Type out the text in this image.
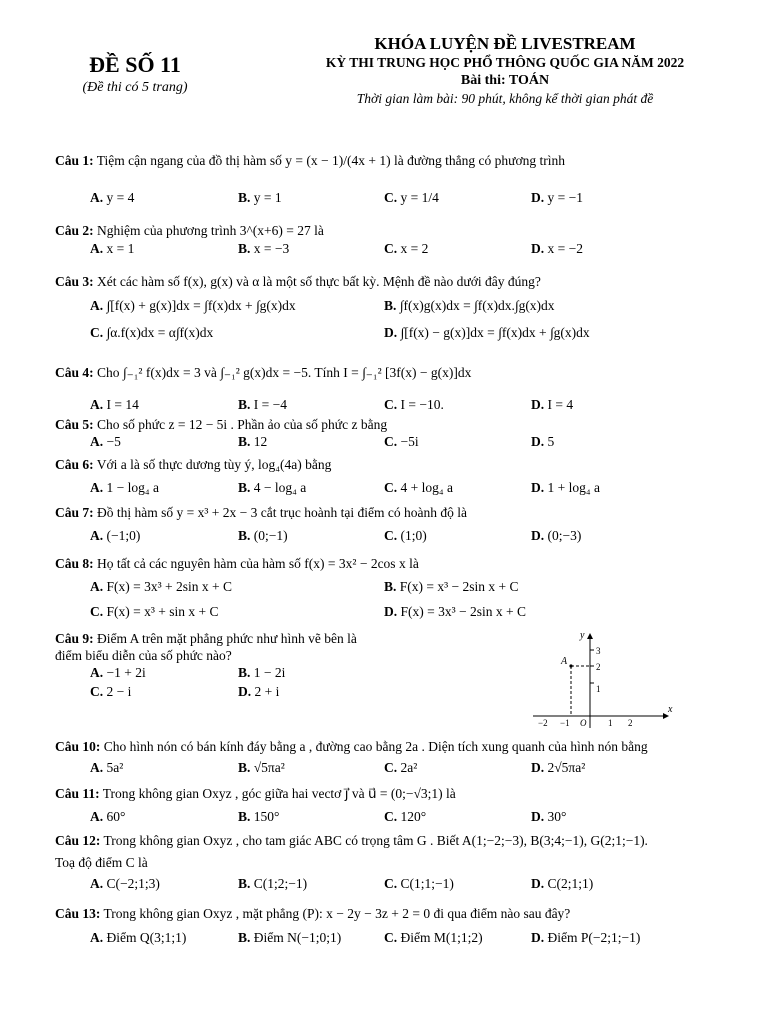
ĐỀ SỐ 11
(Đề thi có 5 trang)
KHÓA LUYỆN ĐỀ LIVESTREAM
KỲ THI TRUNG HỌC PHỔ THÔNG QUỐC GIA NĂM 2022
Bài thi: TOÁN
Thời gian làm bài: 90 phút, không kể thời gian phát đề
Câu 1: Tiệm cận ngang của đồ thị hàm số y = (x − 1)/(4x + 1) là đường thẳng có phương trình
A. y = 4	B. y = 1	C. y = 1/4	D. y = −1
Câu 2: Nghiệm của phương trình 3^(x+6) = 27 là
A. x = 1	B. x = −3	C. x = 2	D. x = −2
Câu 3: Xét các hàm số f(x), g(x) và α là một số thực bất kỳ. Mệnh đề nào dưới đây đúng?
A. ∫[f(x) + g(x)]dx = ∫f(x)dx + ∫g(x)dx	B. ∫f(x)g(x)dx = ∫f(x)dx.∫g(x)dx
C. ∫α.f(x)dx = α∫f(x)dx	D. ∫[f(x) − g(x)]dx = ∫f(x)dx + ∫g(x)dx
Câu 4: Cho ∫₋₁² f(x)dx = 3 và ∫₋₁² g(x)dx = −5. Tính I = ∫₋₁² [3f(x) − g(x)]dx
A. I = 14	B. I = −4	C. I = −10.	D. I = 4
Câu 5: Cho số phức z = 12 − 5i . Phần ảo của số phức z bằng
A. −5	B. 12	C. −5i	D. 5
Câu 6: Với a là số thực dương tùy ý, log₄(4a) bằng
A. 1 − log₄ a	B. 4 − log₄ a	C. 4 + log₄ a	D. 1 + log₄ a
Câu 7: Đồ thị hàm số y = x³ + 2x − 3 cắt trục hoành tại điểm có hoành độ là
A. (−1;0)	B. (0;−1)	C. (1;0)	D. (0;−3)
Câu 8: Họ tất cả các nguyên hàm của hàm số f(x) = 3x² − 2cos x là
A. F(x) = 3x³ + 2sin x + C	B. F(x) = x³ − 2sin x + C
C. F(x) = x³ + sin x + C	D. F(x) = 3x³ − 2sin x + C
Câu 9: Điểm A trên mặt phẳng phức như hình vẽ bên là
điểm biểu diễn của số phức nào?
A. −1 + 2i	B. 1 − 2i
C. 2 − i	D. 2 + i
A
y
x
O
−2 −1	1 2
1
2
3
Câu 10: Cho hình nón có bán kính đáy bằng a , đường cao bằng 2a . Diện tích xung quanh của hình nón bằng
A. 5a²	B. √5πa²	C. 2a²	D. 2√5πa²
Câu 11: Trong không gian Oxyz , góc giữa hai vectơ j⃗ và u⃗ = (0;−√3;1) là
A. 60°	B. 150°	C. 120°	D. 30°
Câu 12: Trong không gian Oxyz , cho tam giác ABC có trọng tâm G . Biết A(1;−2;−3), B(3;4;−1), G(2;1;−1).
Toạ độ điểm C là
A. C(−2;1;3)	B. C(1;2;−1)	C. C(1;1;−1)	D. C(2;1;1)
Câu 13: Trong không gian Oxyz , mặt phẳng (P): x − 2y − 3z + 2 = 0 đi qua điểm nào sau đây?
A. Điểm Q(3;1;1)	B. Điểm N(−1;0;1)	C. Điểm M(1;1;2)	D. Điểm P(−2;1;−1)
